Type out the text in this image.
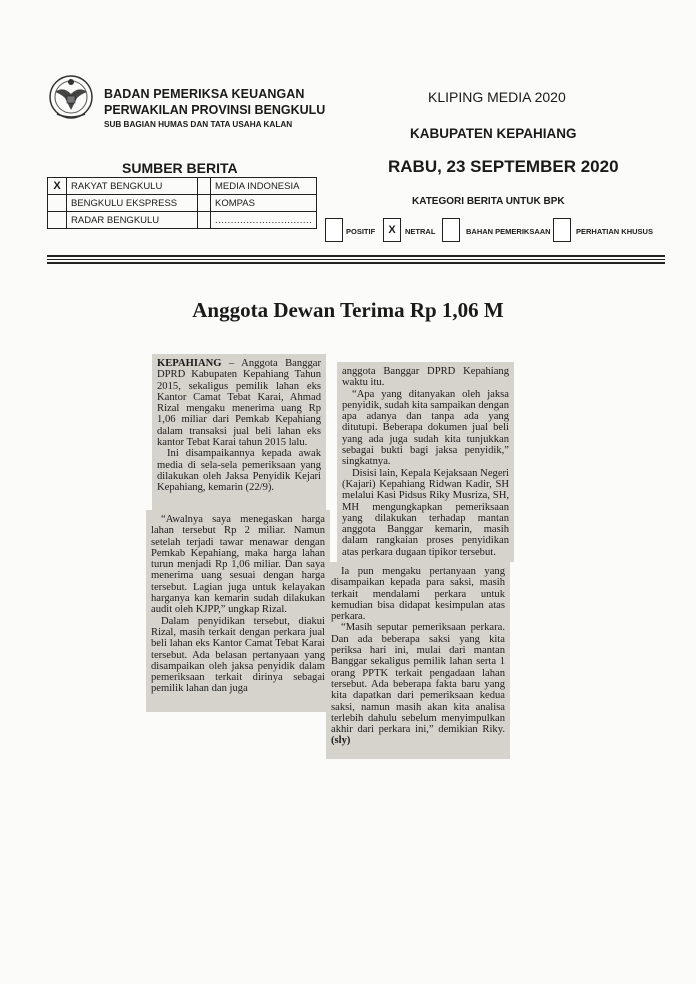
BADAN PEMERIKSA KEUANGAN
PERWAKILAN PROVINSI BENGKULU
SUB BAGIAN HUMAS DAN TATA USAHA KALAN
KLIPING MEDIA 2020
KABUPATEN KEPAHIANG
RABU, 23 SEPTEMBER 2020
SUMBER BERITA
X	RAKYAT BENGKULU		MEDIA INDONESIA
	BENGKULU EKSPRESS		KOMPAS
	RADAR BENGKULU		...............................
KATEGORI BERITA UNTUK BPK
POSITIF	X	NETRAL	BAHAN PEMERIKSAAN	PERHATIAN KHUSUS
Anggota Dewan Terima Rp 1,06 M

KEPAHIANG – Anggota Banggar DPRD Kabupaten Kepahiang Tahun 2015, sekaligus pemilik lahan eks Kantor Camat Tebat Karai, Ahmad Rizal mengaku menerima uang Rp 1,06 miliar dari Pemkab Kepahiang dalam transaksi jual beli lahan eks kantor Tebat Karai tahun 2015 lalu.

Ini disampaikannya kepada awak media di sela-sela pemeriksaan yang dilakukan oleh Jaksa Penyidik Kejari Kepahiang, kemarin (22/9).

“Awalnya saya menegaskan harga lahan tersebut Rp 2 miliar. Namun setelah terjadi tawar menawar dengan Pemkab Kepahiang, maka harga lahan turun menjadi Rp 1,06 miliar. Dan saya menerima uang sesuai dengan harga tersebut. Lagian juga untuk kelayakan harganya kan kemarin sudah dilakukan audit oleh KJPP,” ungkap Rizal.

Dalam penyidikan tersebut, diakui Rizal, masih terkait dengan perkara jual beli lahan eks Kantor Camat Tebat Karai tersebut. Ada belasan pertanyaan yang disampaikan oleh jaksa penyidik dalam pemeriksaan terkait dirinya sebagai pemilik lahan dan juga

anggota Banggar DPRD Kepahiang waktu itu.

“Apa yang ditanyakan oleh jaksa penyidik, sudah kita sampaikan dengan apa adanya dan tanpa ada yang ditutupi. Beberapa dokumen jual beli yang ada juga sudah kita tunjukkan sebagai bukti bagi jaksa penyidik,” singkatnya.

Disisi lain, Kepala Kejaksaan Negeri (Kajari) Kepahiang Ridwan Kadir, SH melalui Kasi Pidsus Riky Musriza, SH, MH mengungkapkan pemeriksaan yang dilakukan terhadap mantan anggota Banggar kemarin, masih dalam rangkaian proses penyidikan atas perkara dugaan tipikor tersebut.

Ia pun mengaku pertanyaan yang disampaikan kepada para saksi, masih terkait mendalami perkara untuk kemudian bisa didapat kesimpulan atas perkara.

“Masih seputar pemeriksaan perkara. Dan ada beberapa saksi yang kita periksa hari ini, mulai dari mantan Banggar sekaligus pemilik lahan serta 1 orang PPTK terkait pengadaan lahan tersebut. Ada beberapa fakta baru yang kita dapatkan dari pemeriksaan kedua saksi, namun masih akan kita analisa terlebih dahulu sebelum menyimpulkan akhir dari perkara ini,” demikian Riky. (sly)
